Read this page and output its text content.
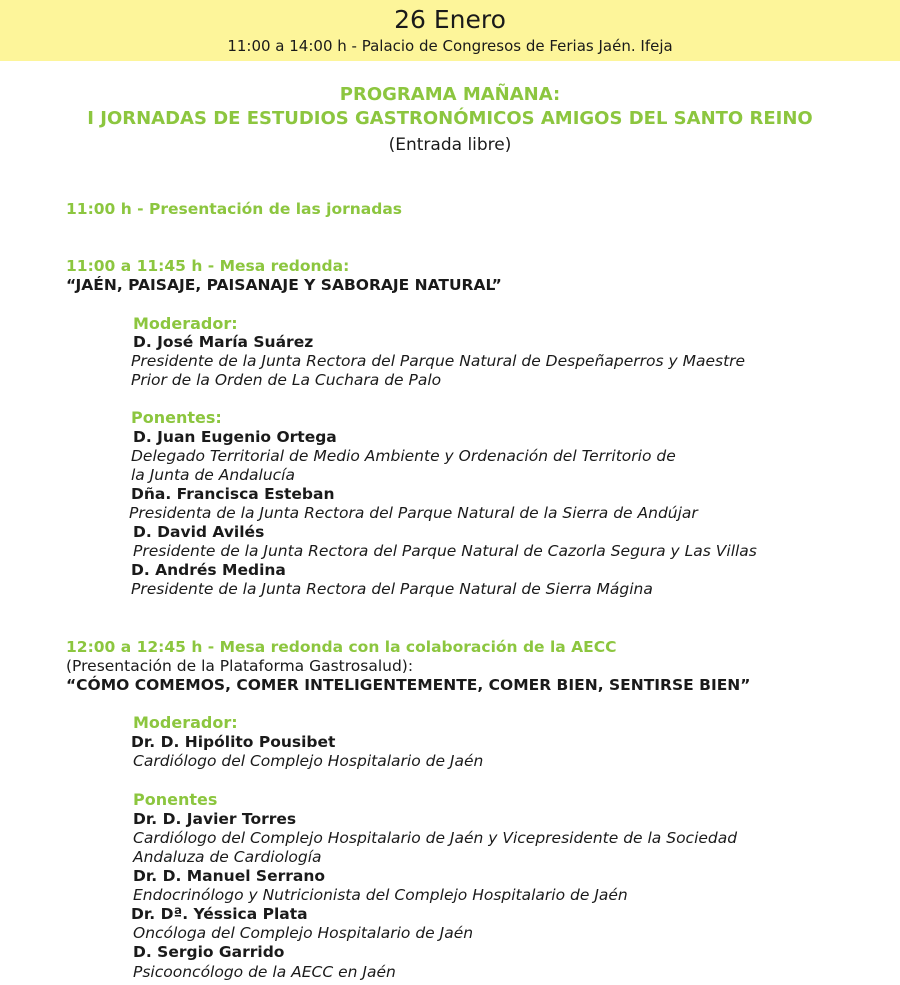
26 Enero
11:00 a 14:00 h - Palacio de Congresos de Ferias Jaén. Ifeja
PROGRAMA MAÑANA:
I JORNADAS DE ESTUDIOS GASTRONÓMICOS AMIGOS DEL SANTO REINO
(Entrada libre)
11:00 h - Presentación de las jornadas
11:00 a 11:45 h - Mesa redonda:
“JAÉN, PAISAJE, PAISANAJE Y SABORAJE NATURAL”
Moderador:
D. José María Suárez
Presidente de la Junta Rectora del Parque Natural de Despeñaperros y Maestre
Prior de la Orden de La Cuchara de Palo
Ponentes:
D. Juan Eugenio Ortega
Delegado Territorial de Medio Ambiente y Ordenación del Territorio de
la Junta de Andalucía
Dña. Francisca Esteban
Presidenta de la Junta Rectora del Parque Natural de la Sierra de Andújar
D. David Avilés
Presidente de la Junta Rectora del Parque Natural de Cazorla Segura y Las Villas
D. Andrés Medina
Presidente de la Junta Rectora del Parque Natural de Sierra Mágina
12:00 a 12:45 h - Mesa redonda con la colaboración de la AECC
(Presentación de la Plataforma Gastrosalud):
“CÓMO COMEMOS, COMER INTELIGENTEMENTE, COMER BIEN, SENTIRSE BIEN”
Moderador:
Dr. D. Hipólito Pousibet
Cardiólogo del Complejo Hospitalario de Jaén
Ponentes
Dr. D. Javier Torres
Cardiólogo del Complejo Hospitalario de Jaén y Vicepresidente de la Sociedad
Andaluza de Cardiología
Dr. D. Manuel Serrano
Endocrinólogo y Nutricionista del Complejo Hospitalario de Jaén
Dr. Dª. Yéssica Plata
Oncóloga del Complejo Hospitalario de Jaén
D. Sergio Garrido
Psicooncólogo de la AECC en Jaén
